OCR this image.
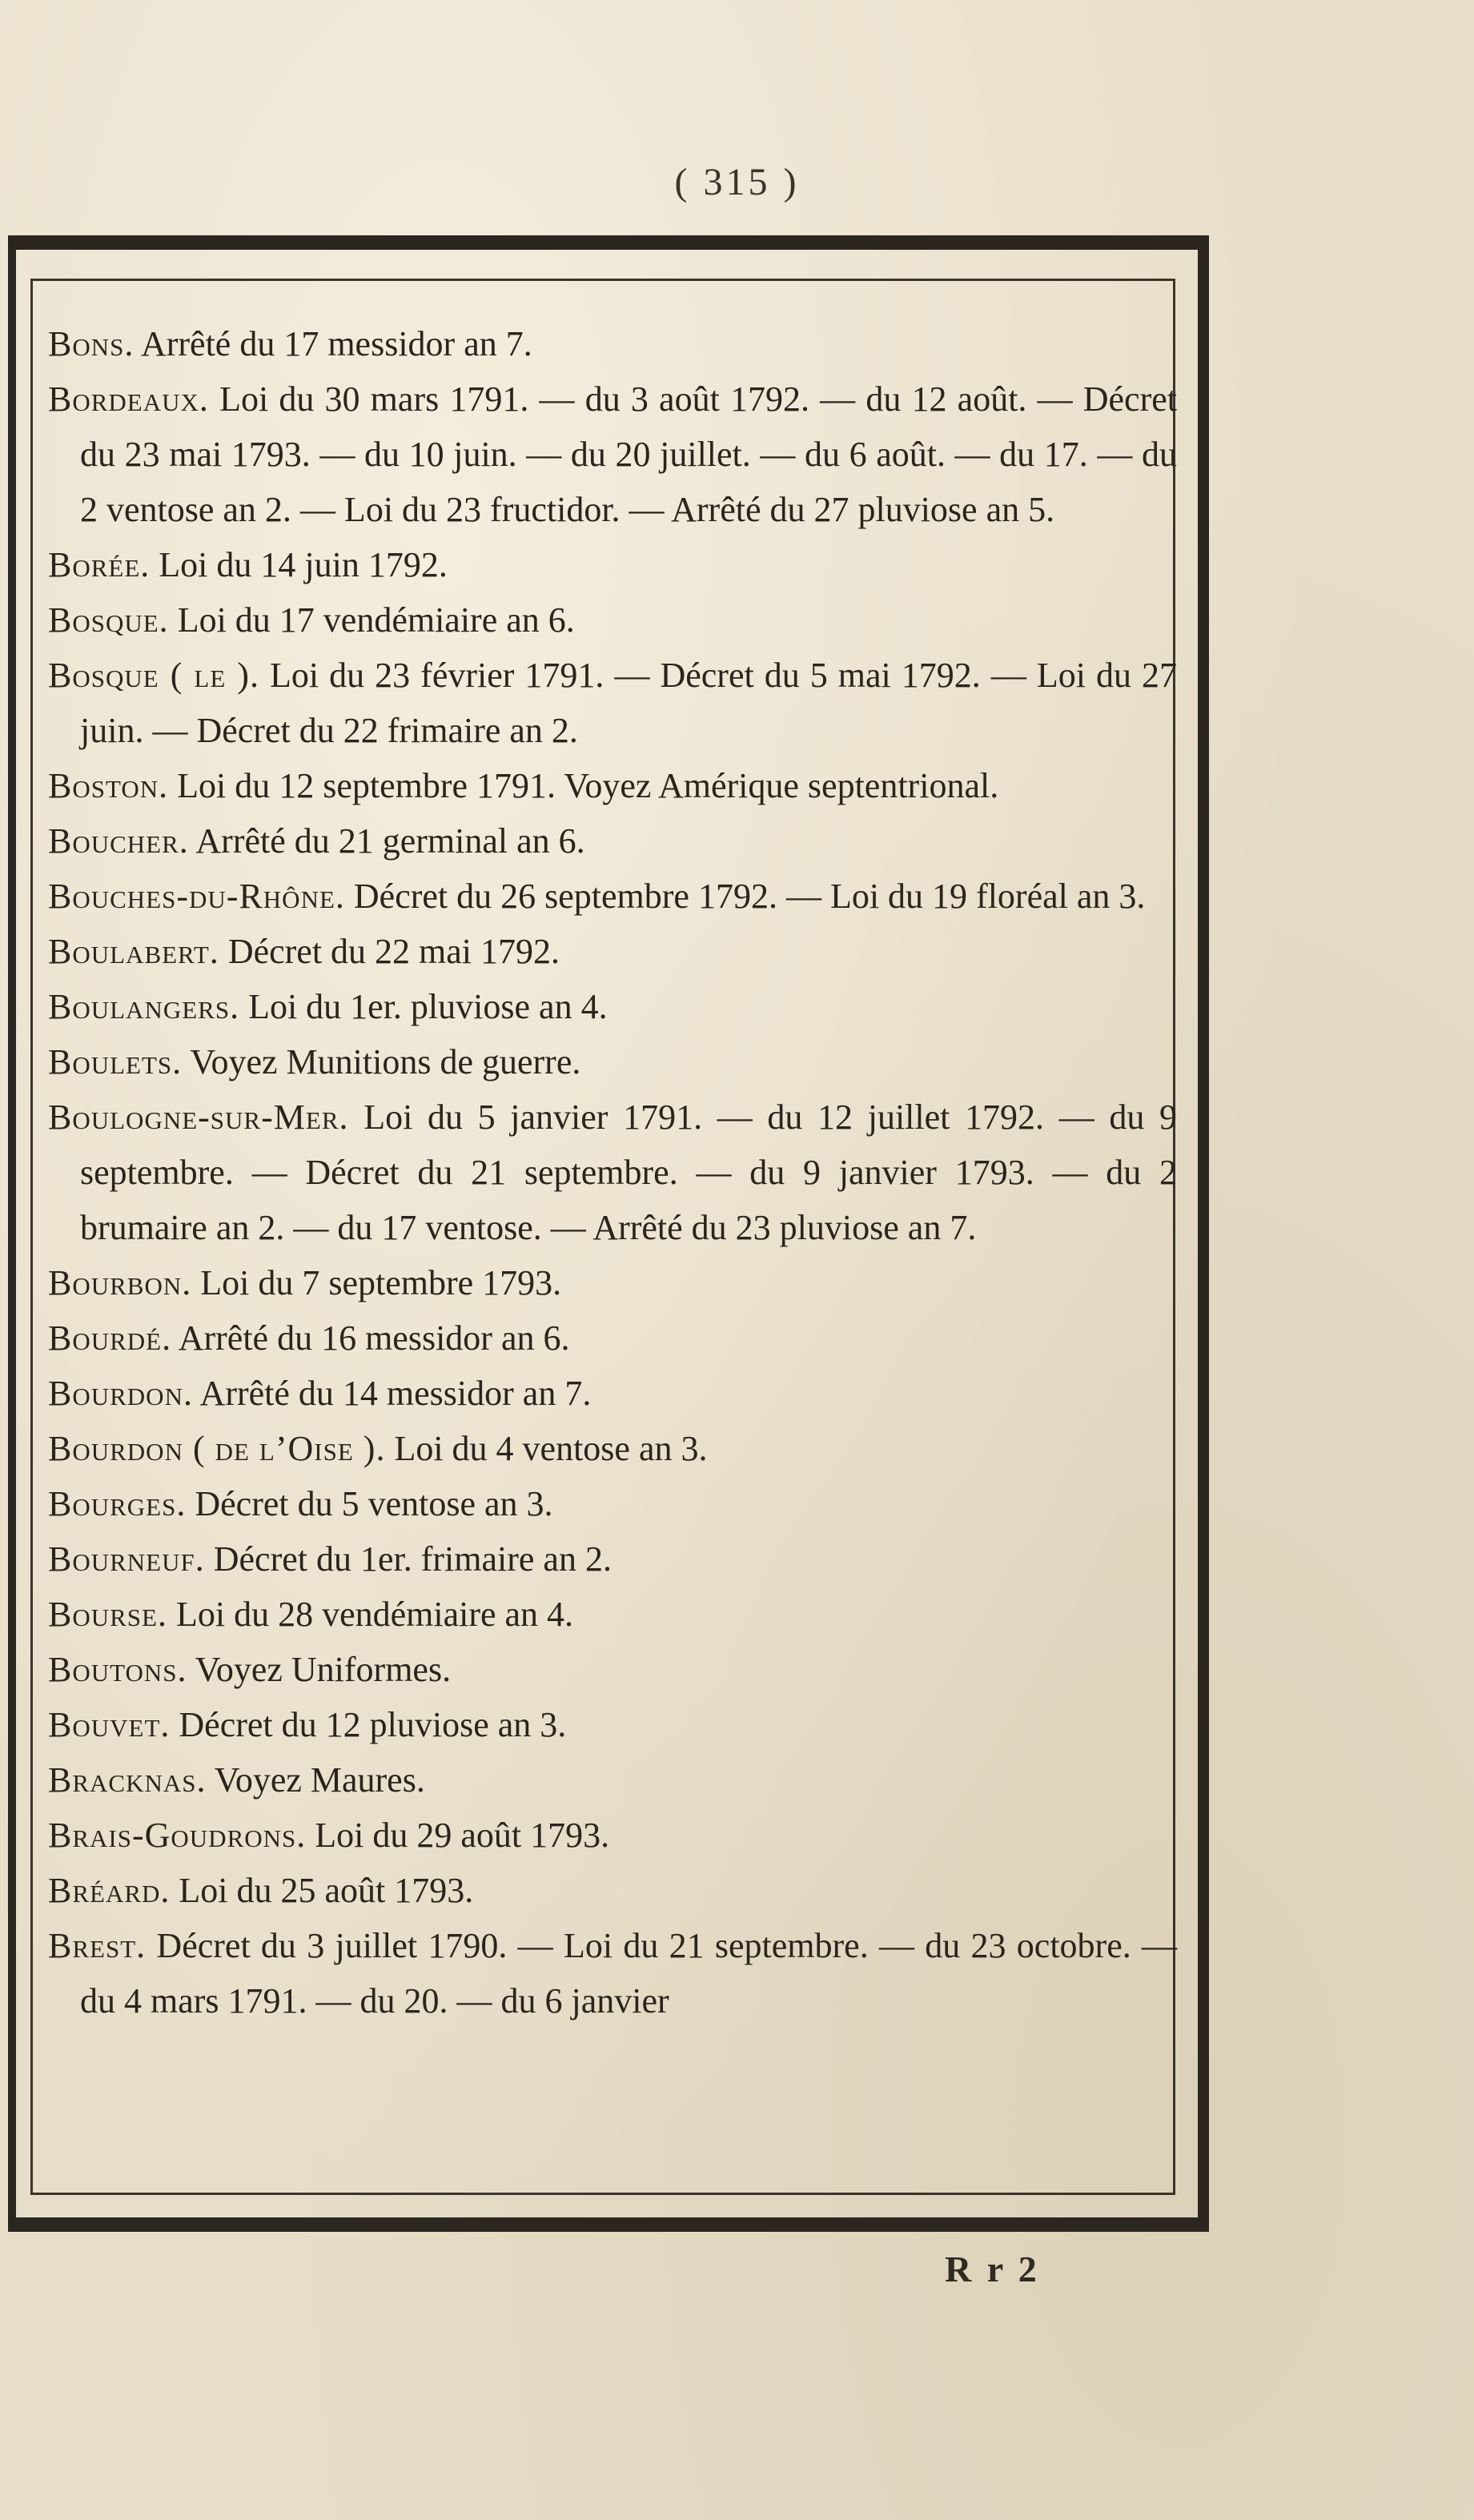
( 315 )

Bons. Arrêté du 17 messidor an 7.

Bordeaux. Loi du 30 mars 1791. — du 3 août 1792. — du 12 août. — Décret du 23 mai 1793. — du 10 juin. — du 20 juillet. — du 6 août. — du 17. — du 2 ventose an 2. — Loi du 23 fructidor. — Arrêté du 27 pluviose an 5.

Borée. Loi du 14 juin 1792.

Bosque. Loi du 17 vendémiaire an 6.

Bosque ( le ). Loi du 23 février 1791. — Décret du 5 mai 1792. — Loi du 27 juin. — Décret du 22 frimaire an 2.

Boston. Loi du 12 septembre 1791. Voyez Amérique septentrional.

Boucher. Arrêté du 21 germinal an 6.

Bouches-du-Rhône. Décret du 26 septembre 1792. — Loi du 19 floréal an 3.

Boulabert. Décret du 22 mai 1792.

Boulangers. Loi du 1er. pluviose an 4.

Boulets. Voyez Munitions de guerre.

Boulogne-sur-Mer. Loi du 5 janvier 1791. — du 12 juillet 1792. — du 9 septembre. — Décret du 21 septembre. — du 9 janvier 1793. — du 2 brumaire an 2. — du 17 ventose. — Arrêté du 23 pluviose an 7.

Bourbon. Loi du 7 septembre 1793.

Bourdé. Arrêté du 16 messidor an 6.

Bourdon. Arrêté du 14 messidor an 7.

Bourdon ( de l’Oise ). Loi du 4 ventose an 3.

Bourges. Décret du 5 ventose an 3.

Bourneuf. Décret du 1er. frimaire an 2.

Bourse. Loi du 28 vendémiaire an 4.

Boutons. Voyez Uniformes.

Bouvet. Décret du 12 pluviose an 3.

Bracknas. Voyez Maures.

Brais-Goudrons. Loi du 29 août 1793.

Bréard. Loi du 25 août 1793.

Brest. Décret du 3 juillet 1790. — Loi du 21 septembre. — du 23 octobre. — du 4 mars 1791. — du 20. — du 6 janvier

R r 2
